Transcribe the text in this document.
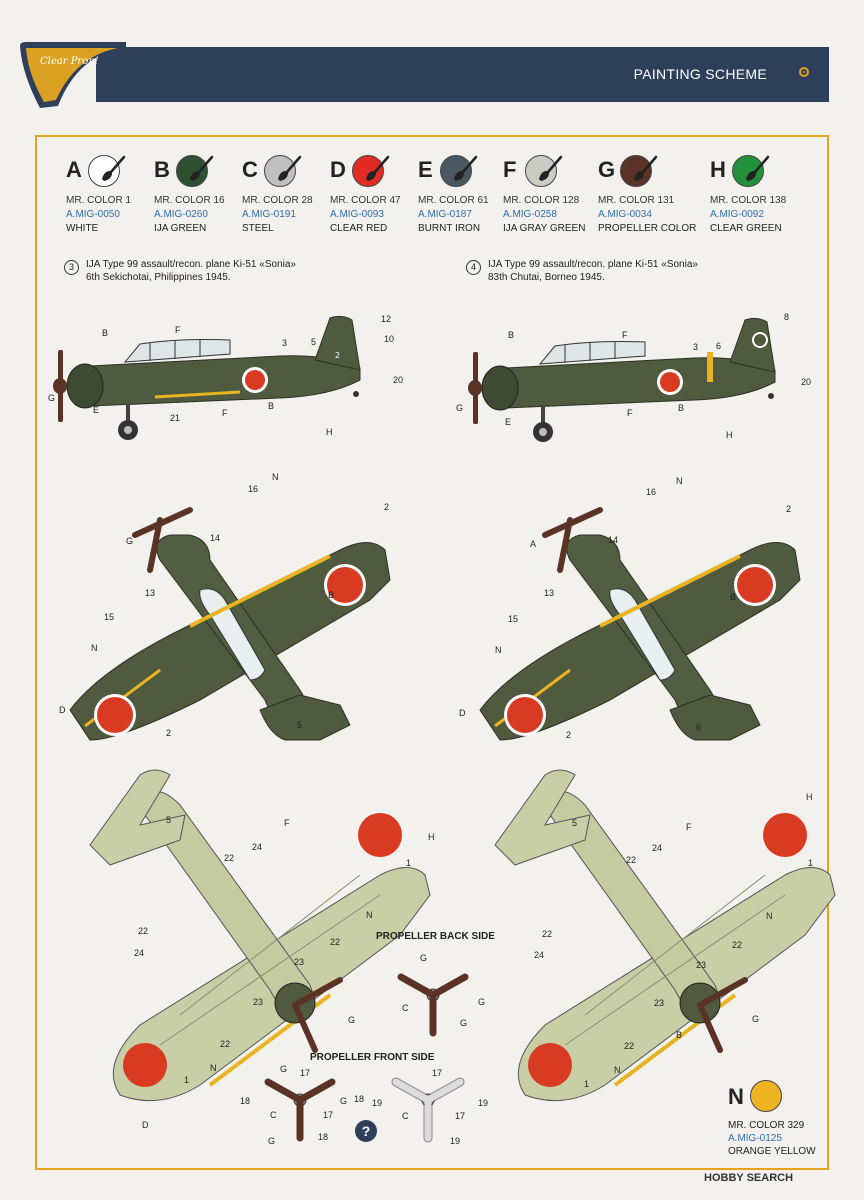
PAINTING SCHEME
Clear Prop!
A
MR. COLOR 1
A.MIG-0050
WHITE
B
MR. COLOR 16
A.MIG-0260
IJA GREEN
C
MR. COLOR 28
A.MIG-0191
STEEL
D
MR. COLOR 47
A.MIG-0093
CLEAR RED
E
MR. COLOR 61
A.MIG-0187
BURNT IRON
F
MR. COLOR 128
A.MIG-0258
IJA GRAY GREEN
G
MR. COLOR 131
A.MIG-0034
PROPELLER COLOR
H
MR. COLOR 138
A.MIG-0092
CLEAR GREEN
3	IJA Type 99 assault/recon. plane Ki-51 «Sonia»
6th Sekichotai, Philippines 1945.
4	IJA Type 99 assault/recon. plane Ki-51 «Sonia»
83th Chutai, Borneo 1945.
2
PROPELLER BACK SIDE
PROPELLER FRONT SIDE
B	F
12
10
3	5
20
G
E	F
B
21
B	F
8
3 6
20
G
E
F	B
H
N
16
2
G	14
13	B
15
N
D
2
5
H
N
16
2
A	14
13	B
15
N
D
2
6
5	F
H
1
22
24
N
22
22
24
23
23
G
22
N
1
D
5	F
H
1
22
24
N
22
22
24
23
23
G
B
22
N
1
G
C
G
G
G 17
18	G 18
C	17
G	18
17
19
C	17
19
19
?
N
MR. COLOR 329
A.MIG-0125
ORANGE YELLOW
HOBBY SEARCH
